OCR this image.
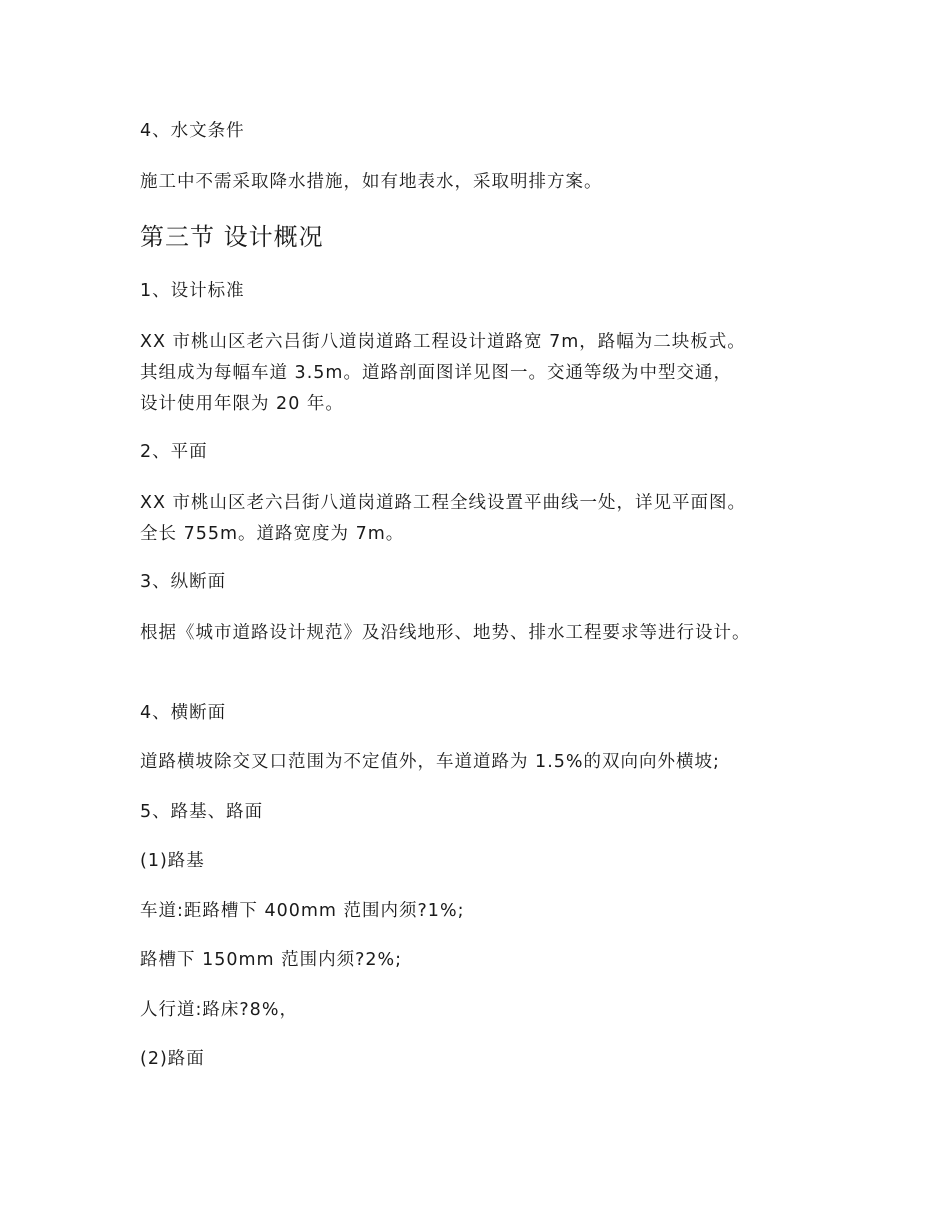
4、水文条件
施工中不需采取降水措施，如有地表水，采取明排方案。
第三节 设计概况
1、设计标准
XX 市桃山区老六吕街八道岗道路工程设计道路宽 7m，路幅为二块板式。
其组成为每幅车道 3.5m。道路剖面图详见图一。交通等级为中型交通，
设计使用年限为 20 年。
2、平面
XX 市桃山区老六吕街八道岗道路工程全线设置平曲线一处，详见平面图。
全长 755m。道路宽度为 7m。
3、纵断面
根据《城市道路设计规范》及沿线地形、地势、排水工程要求等进行设计。
4、横断面
道路横坡除交叉口范围为不定值外，车道道路为 1.5%的双向向外横坡;
5、路基、路面
(1)路基
车道:距路槽下 400mm 范围内须?1%;
路槽下 150mm 范围内须?2%;
人行道:路床?8%，
(2)路面
